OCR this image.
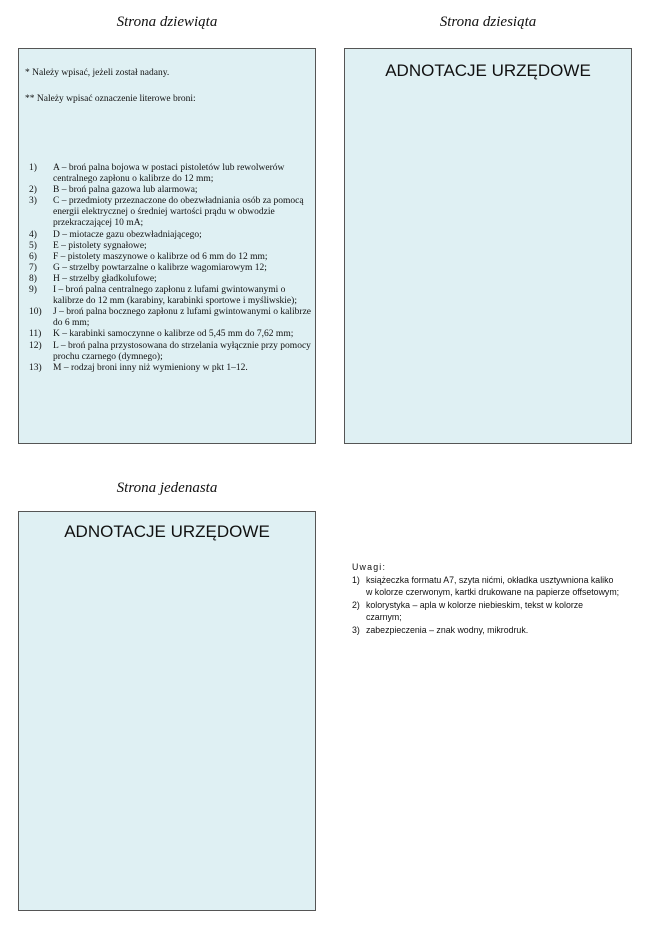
Strona dziewiąta
* Należy wpisać, jeżeli został nadany.
** Należy wpisać oznaczenie literowe broni:
1) A – broń palna bojowa w postaci pistoletów lub rewolwerów centralnego zapłonu o kalibrze do 12 mm;
2) B – broń palna gazowa lub alarmowa;
3) C – przedmioty przeznaczone do obezwładniania osób za pomocą energii elektrycznej o średniej wartości prądu w obwodzie przekraczającej 10 mA;
4) D – miotacze gazu obezwładniającego;
5) E – pistolety sygnałowe;
6) F – pistolety maszynowe o kalibrze od 6 mm do 12 mm;
7) G – strzelby powtarzalne o kalibrze wagomiarowym 12;
8) H – strzelby gładkolufowe;
9) I – broń palna centralnego zapłonu z lufami gwintowanymi o kalibrze do 12 mm (karabiny, karabinki sportowe i myśliwskie);
10) J – broń palna bocznego zapłonu z lufami gwintowanymi o kalibrze do 6 mm;
11) K – karabinki samoczynne o kalibrze od 5,45 mm do 7,62 mm;
12) L – broń palna przystosowana do strzelania wyłącznie przy pomocy prochu czarnego (dymnego);
13) M – rodzaj broni inny niż wymieniony w pkt 1–12.
Strona dziesiąta
ADNOTACJE URZĘDOWE
Strona jedenasta
ADNOTACJE URZĘDOWE
Uwagi:
1) książeczka formatu A7, szyta nićmi, okładka usztywniona kaliko w kolorze czerwonym, kartki drukowane na papierze offsetowym;
2) kolorystyka – apla w kolorze niebieskim, tekst w kolorze czarnym;
3) zabezpieczenia – znak wodny, mikrodruk.
